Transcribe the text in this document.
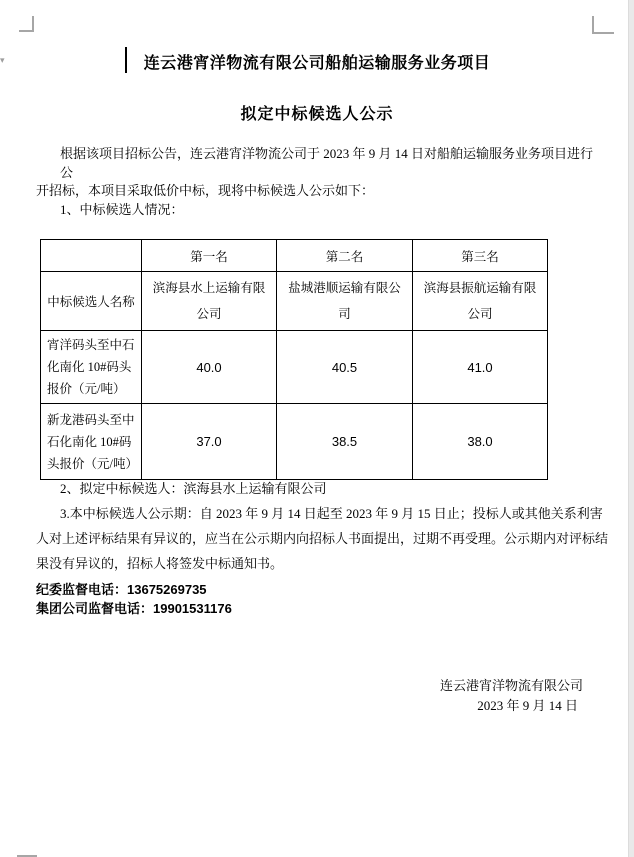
▾	连云港宵洋物流有限公司船舶运输服务业务项目
拟定中标候选人公示
根据该项目招标公告，连云港宵洋物流公司于 2023 年 9 月 14 日对船舶运输服务业务项目进行公
开招标，本项目采取低价中标，现将中标候选人公示如下：
1、中标候选人情况：
	第一名	第二名	第三名
中标候选人名称	滨海县水上运输有限公司	盐城港顺运输有限公司	滨海县振航运输有限公司
宵洋码头至中石化南化 10#码头报价（元/吨）	40.0	40.5	41.0
新龙港码头至中石化南化 10#码头报价（元/吨）	37.0	38.5	38.0
2、拟定中标候选人：滨海县水上运输有限公司
3.本中标候选人公示期：自 2023 年 9 月 14 日起至 2023 年 9 月 15 日止；投标人或其他关系利害
人对上述评标结果有异议的，应当在公示期内向招标人书面提出，过期不再受理。公示期内对评标结
果没有异议的，招标人将签发中标通知书。
纪委监督电话：13675269735
集团公司监督电话：19901531176
连云港宵洋物流有限公司
2023 年 9 月 14 日
